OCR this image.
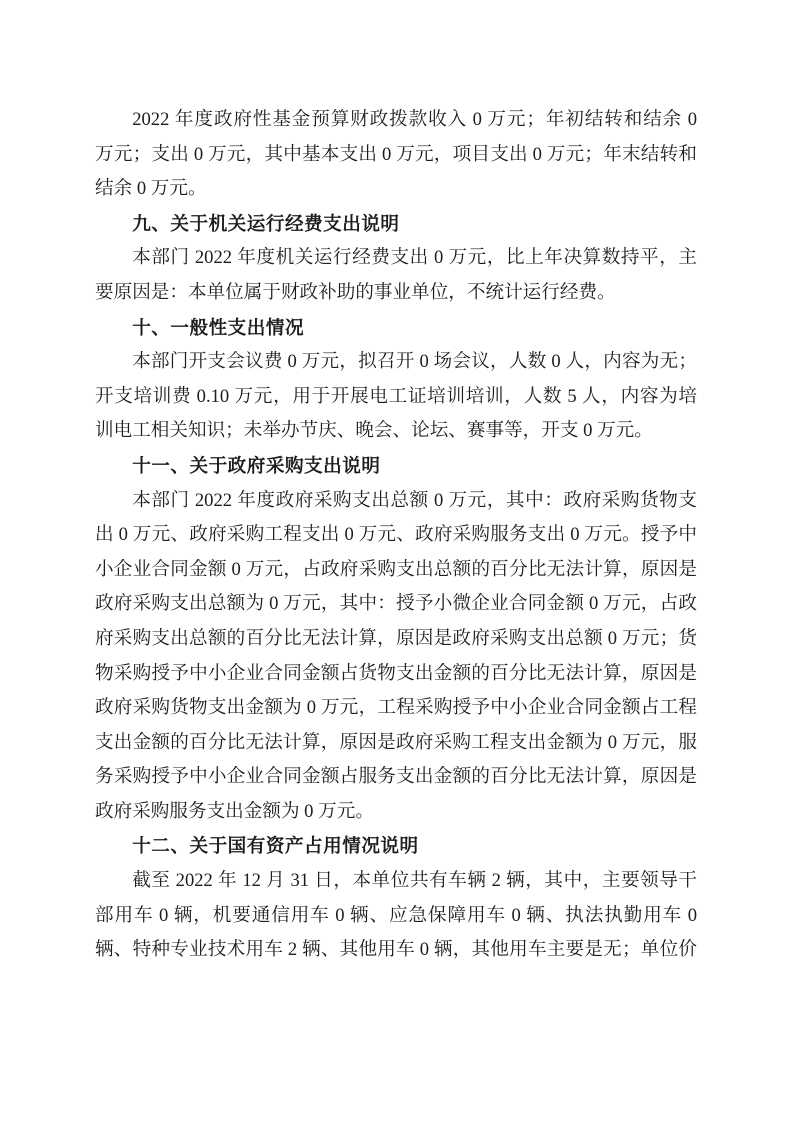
2022 年度政府性基金预算财政拨款收入 0 万元；年初结转和结余 0
万元；支出 0 万元，其中基本支出 0 万元，项目支出 0 万元；年末结转和
结余 0 万元。
九、关于机关运行经费支出说明
本部门 2022 年度机关运行经费支出 0 万元，比上年决算数持平，主
要原因是：本单位属于财政补助的事业单位，不统计运行经费。
十、一般性支出情况
本部门开支会议费 0 万元，拟召开 0 场会议，人数 0 人，内容为无；
开支培训费 0.10 万元，用于开展电工证培训培训，人数 5 人，内容为培
训电工相关知识；未举办节庆、晚会、论坛、赛事等，开支 0 万元。
十一、关于政府采购支出说明
本部门 2022 年度政府采购支出总额 0 万元，其中：政府采购货物支
出 0 万元、政府采购工程支出 0 万元、政府采购服务支出 0 万元。授予中
小企业合同金额 0 万元，占政府采购支出总额的百分比无法计算，原因是
政府采购支出总额为 0 万元，其中：授予小微企业合同金额 0 万元，占政
府采购支出总额的百分比无法计算，原因是政府采购支出总额 0 万元；货
物采购授予中小企业合同金额占货物支出金额的百分比无法计算，原因是
政府采购货物支出金额为 0 万元，工程采购授予中小企业合同金额占工程
支出金额的百分比无法计算，原因是政府采购工程支出金额为 0 万元，服
务采购授予中小企业合同金额占服务支出金额的百分比无法计算，原因是
政府采购服务支出金额为 0 万元。
十二、关于国有资产占用情况说明
截至 2022 年 12 月 31 日，本单位共有车辆 2 辆，其中，主要领导干
部用车 0 辆，机要通信用车 0 辆、应急保障用车 0 辆、执法执勤用车 0
辆、特种专业技术用车 2 辆、其他用车 0 辆，其他用车主要是无；单位价
